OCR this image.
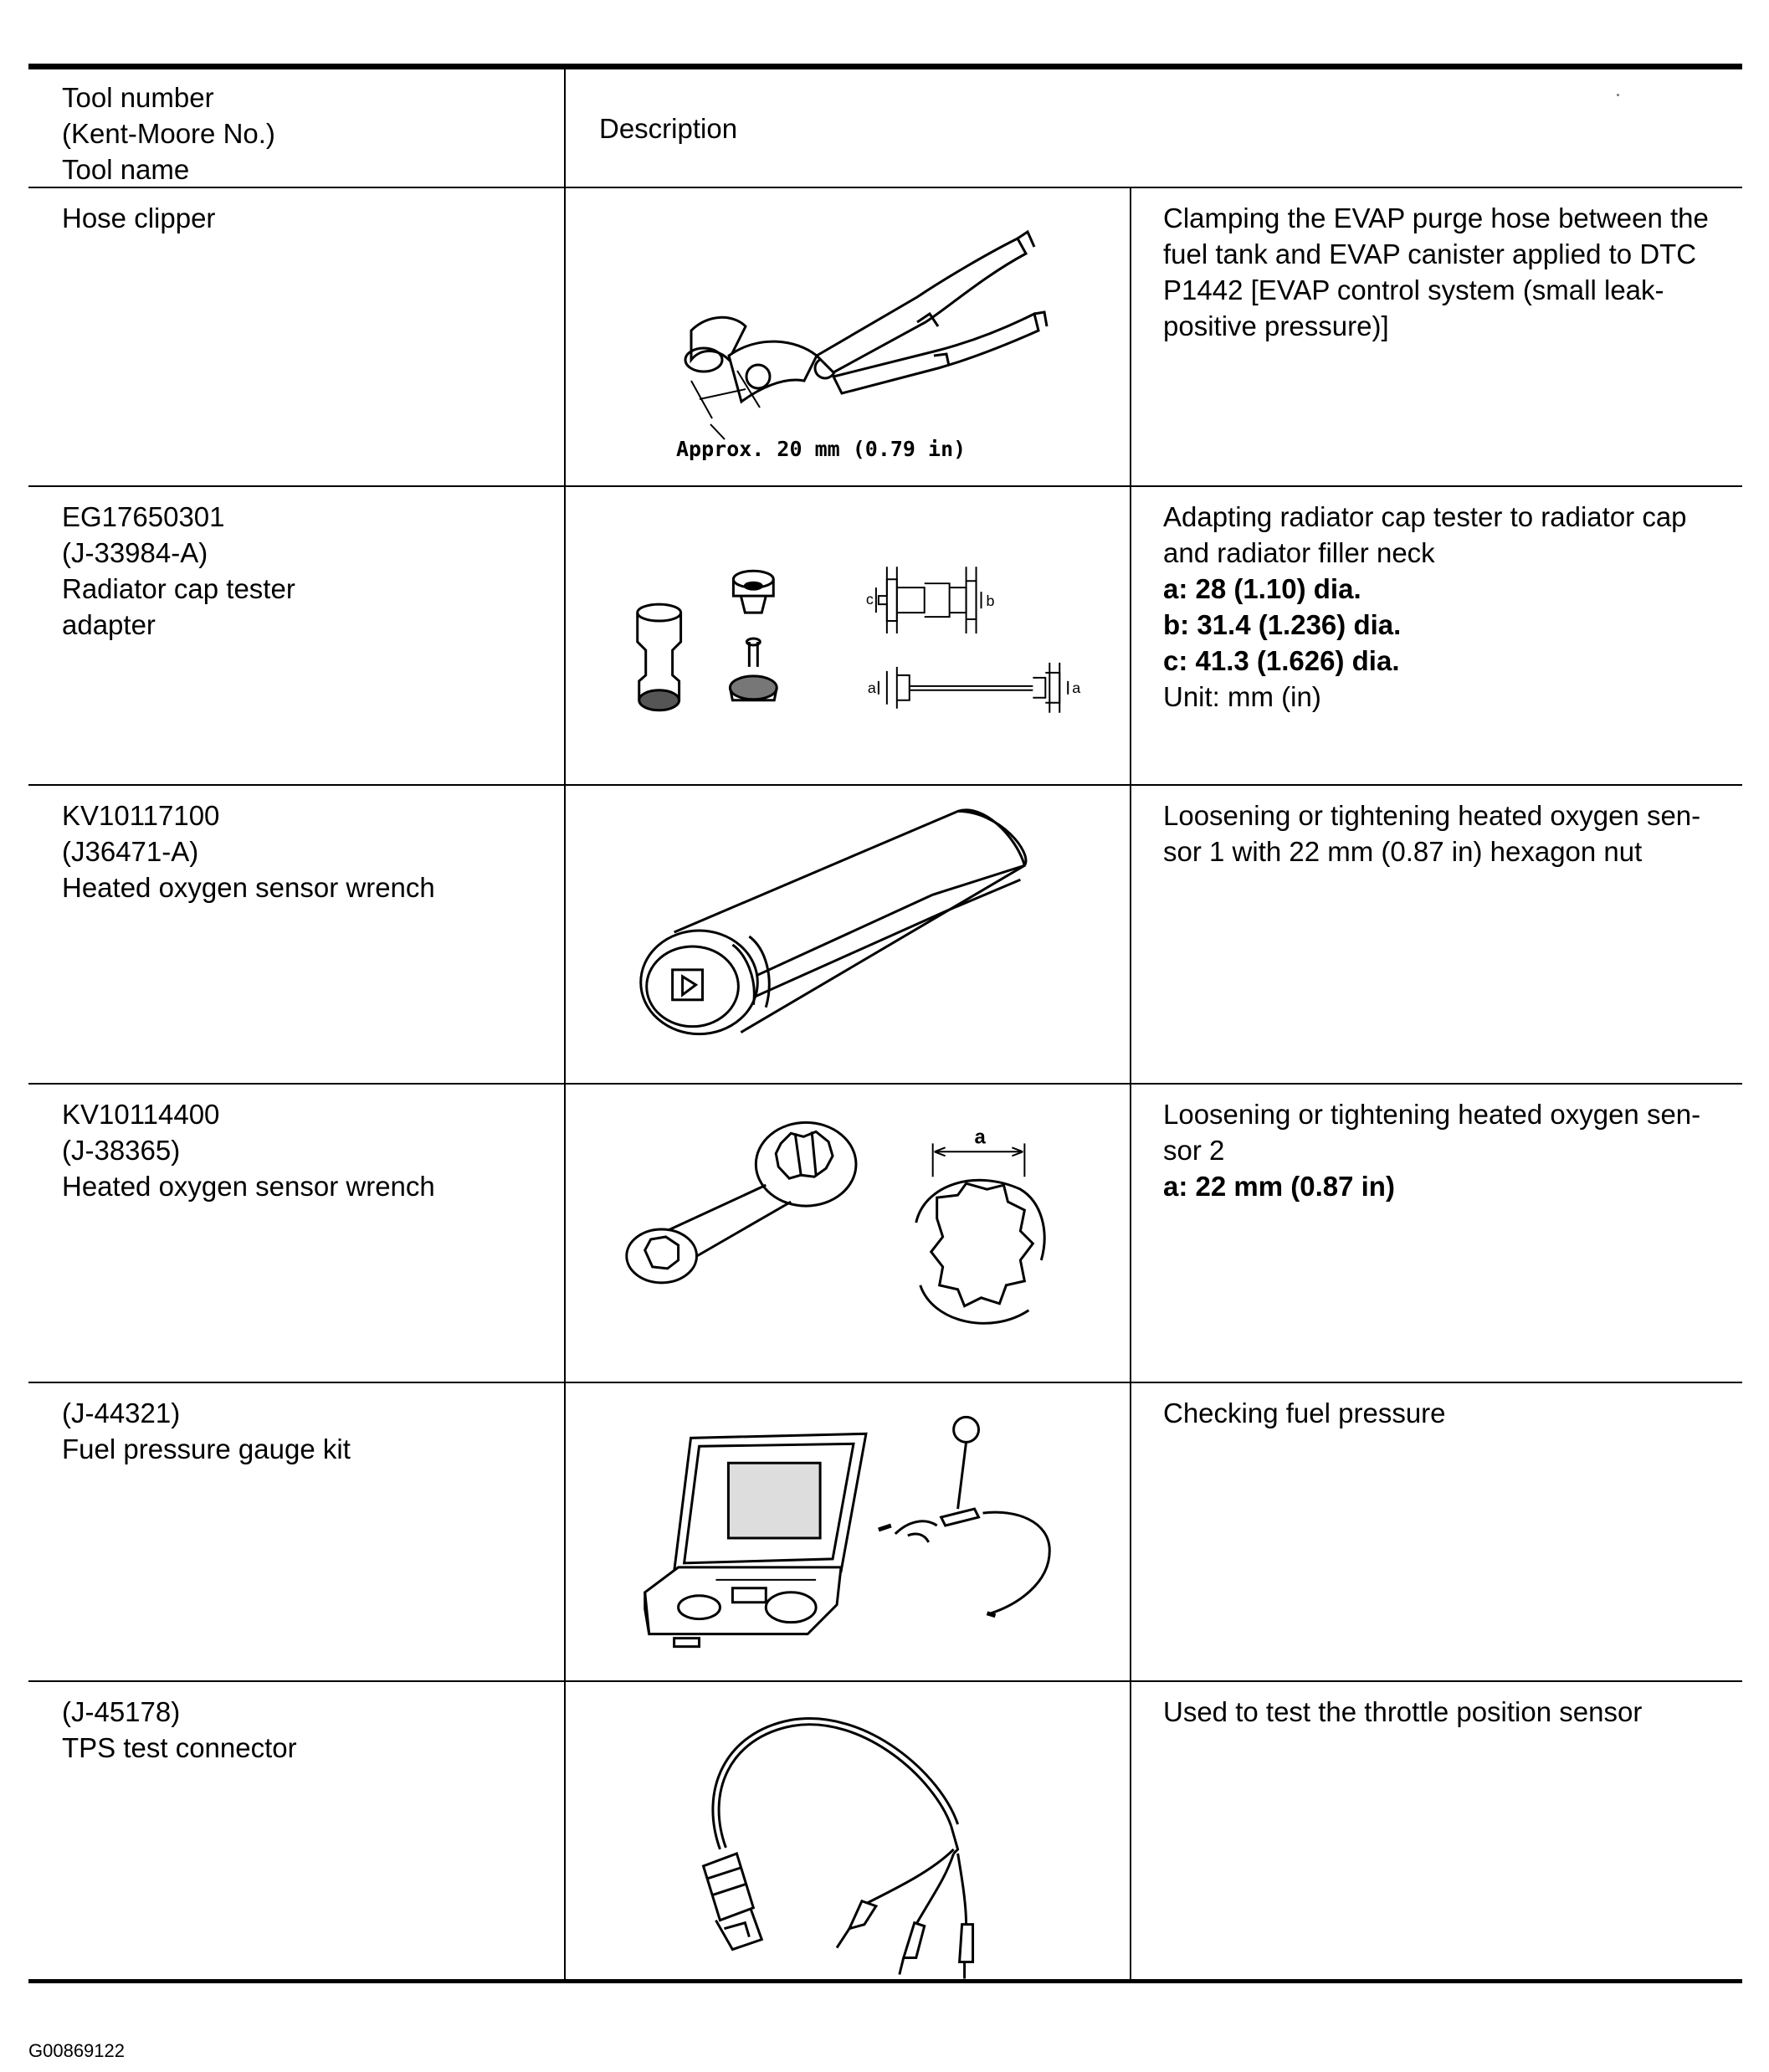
Tool number
(Kent-Moore No.)
Tool name
Description
Hose clipper
Approx. 20 mm (0.79 in)
Clamping the EVAP purge hose between the fuel tank and EVAP canister applied to DTC P1442 [EVAP control system (small leak-positive pressure)]
EG17650301
(J-33984-A)
Radiator cap tester
adapter
c	b
a	a
Adapting radiator cap tester to radiator cap and radiator filler neck
a: 28 (1.10) dia.
b: 31.4 (1.236) dia.
c: 41.3 (1.626) dia.
Unit: mm (in)
KV10117100
(J36471-A)
Heated oxygen sensor wrench
Loosening or tightening heated oxygen sen-sor 1 with 22 mm (0.87 in) hexagon nut
KV10114400
(J-38365)
Heated oxygen sensor wrench
a
Loosening or tightening heated oxygen sen-sor 2
a: 22 mm (0.87 in)
(J-44321)
Fuel pressure gauge kit
Checking fuel pressure
(J-45178)
TPS test connector
Used to test the throttle position sensor
G00869122
